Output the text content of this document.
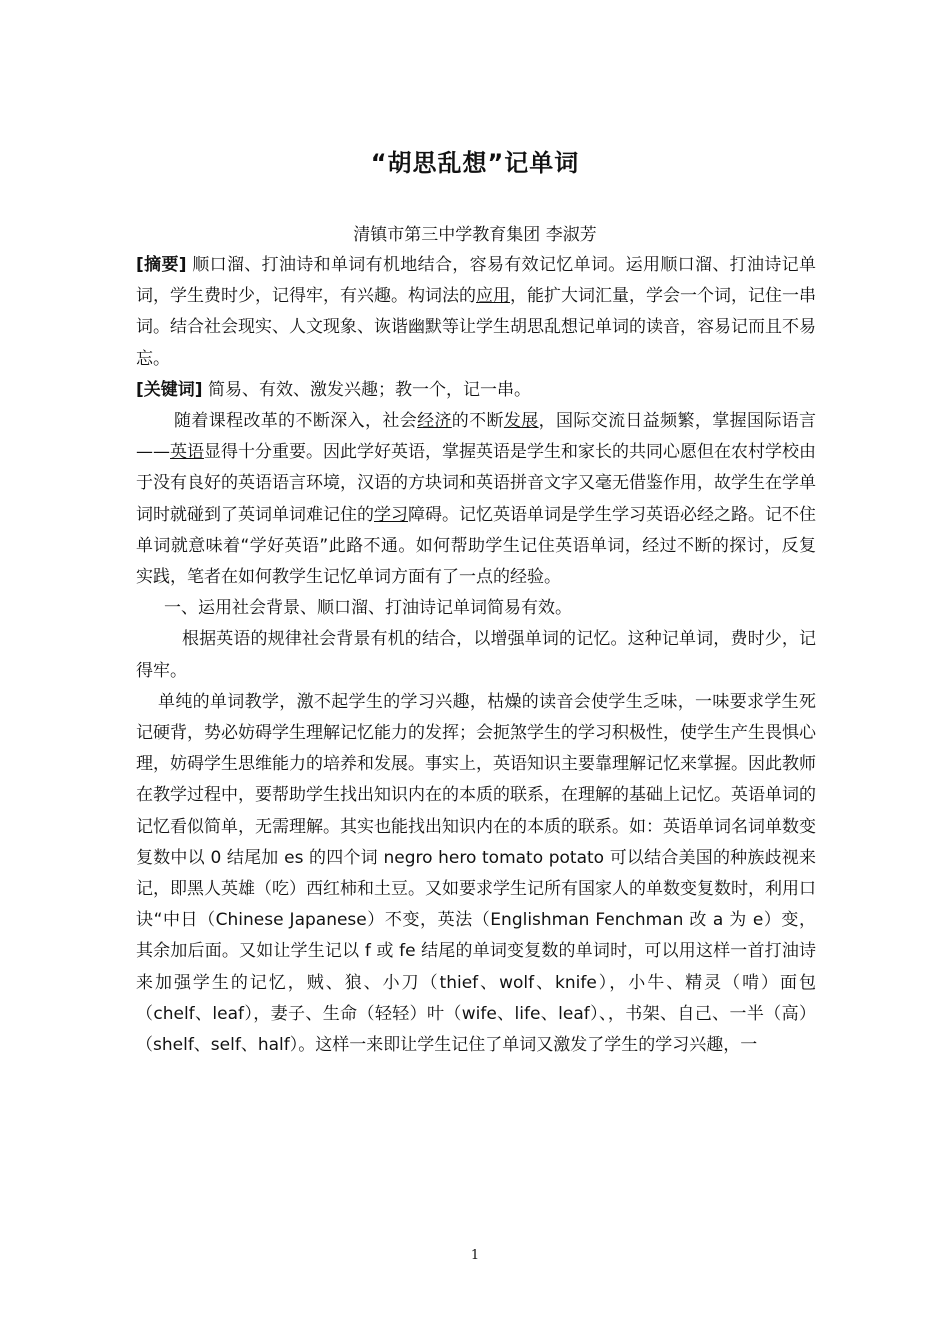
“胡思乱想”记单词
清镇市第三中学教育集团 李淑芳

[摘要] 顺口溜、打油诗和单词有机地结合，容易有效记忆单词。运用顺口溜、打油诗记单词，学生费时少，记得牢，有兴趣。构词法的应用，能扩大词汇量，学会一个词，记住一串词。结合社会现实、人文现象、诙谐幽默等让学生胡思乱想记单词的读音，容易记而且不易忘。

[关键词] 简易、有效、激发兴趣；教一个，记一串。

随着课程改革的不断深入，社会经济的不断发展，国际交流日益频繁，掌握国际语言——英语显得十分重要。因此学好英语，掌握英语是学生和家长的共同心愿但在农村学校由于没有良好的英语语言环境，汉语的方块词和英语拼音文字又毫无借鉴作用，故学生在学单词时就碰到了英词单词难记住的学习障碍。记忆英语单词是学生学习英语必经之路。记不住单词就意味着“学好英语”此路不通。如何帮助学生记住英语单词，经过不断的探讨，反复实践，笔者在如何教学生记忆单词方面有了一点的经验。

一、运用社会背景、顺口溜、打油诗记单词简易有效。

根据英语的规律社会背景有机的结合，以增强单词的记忆。这种记单词，费时少，记得牢。

单纯的单词教学，激不起学生的学习兴趣，枯燥的读音会使学生乏味，一味要求学生死记硬背，势必妨碍学生理解记忆能力的发挥；会扼煞学生的学习积极性，使学生产生畏惧心理，妨碍学生思维能力的培养和发展。事实上，英语知识主要靠理解记忆来掌握。因此教师在教学过程中，要帮助学生找出知识内在的本质的联系，在理解的基础上记忆。英语单词的记忆看似简单，无需理解。其实也能找出知识内在的本质的联系。如：英语单词名词单数变复数中以 0 结尾加 es 的四个词 negro hero tomato potato 可以结合美国的种族歧视来记，即黑人英雄（吃）西红柿和土豆。又如要求学生记所有国家人的单数变复数时，利用口诀“中日（Chinese Japanese）不变，英法（Englishman Fenchman 改 a 为 e）变，其余加后面。又如让学生记以 f 或 fe 结尾的单词变复数的单词时，可以用这样一首打油诗来加强学生的记忆，贼、狼、小刀（thief、wolf、knife），小牛、精灵（啃）面包（chelf、leaf），妻子、生命（轻轻）叶（wife、life、leaf）、，书架、自己、一半（高）（shelf、self、half）。这样一来即让学生记住了单词又激发了学生的学习兴趣，一

1
